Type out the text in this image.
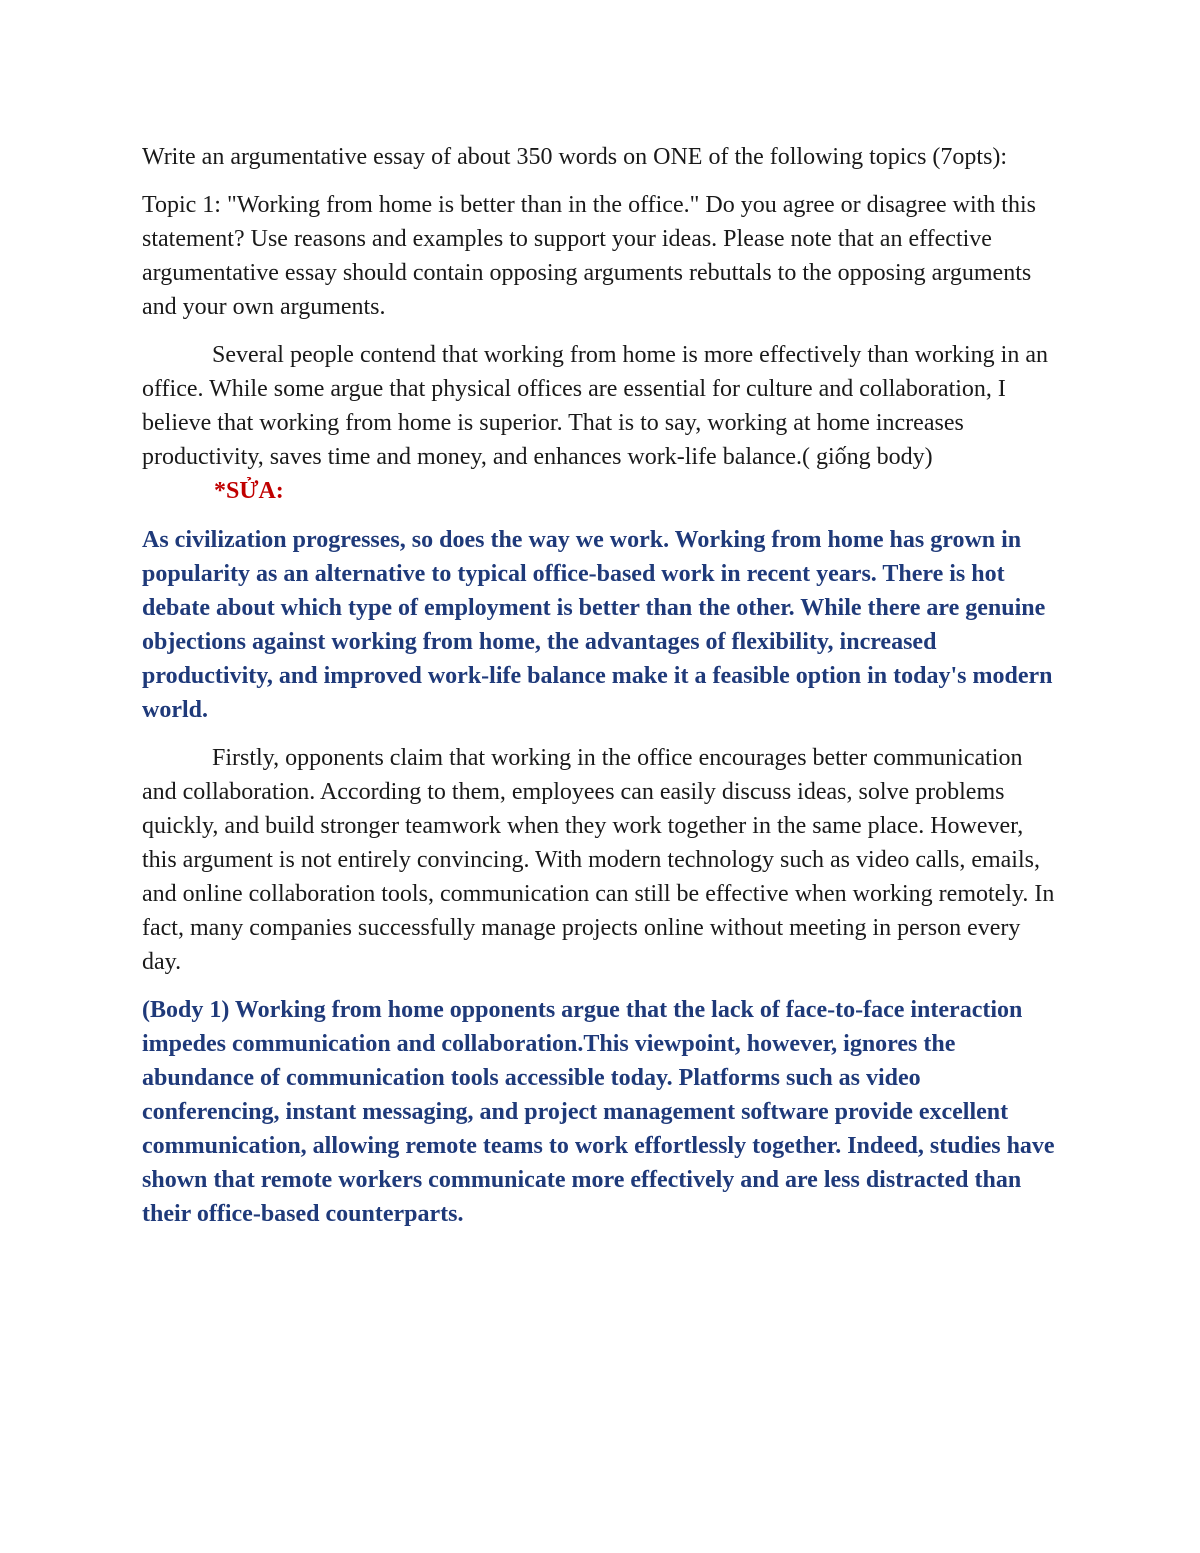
Write an argumentative essay of about 350 words on ONE of the following topics (7opts):

Topic 1: "Working from home is better than in the office." Do you agree or disagree with this statement? Use reasons and examples to support your ideas. Please note that an effective argumentative essay should contain opposing arguments rebuttals to the opposing arguments and your own arguments.

Several people contend that working from home is more effectively than working in an office. While some argue that physical offices are essential for culture and collaboration, I believe that working from home is superior. That is to say, working at home increases productivity, saves time and money, and enhances work-life balance.( giống body)

*SỬA:

As civilization progresses, so does the way we work. Working from home has grown in popularity as an alternative to typical office-based work in recent years. There is hot debate about which type of employment is better than the other. While there are genuine objections against working from home, the advantages of flexibility, increased productivity, and improved work-life balance make it a feasible option in today's modern world.

Firstly, opponents claim that working in the office encourages better communication and collaboration. According to them, employees can easily discuss ideas, solve problems quickly, and build stronger teamwork when they work together in the same place. However, this argument is not entirely convincing. With modern technology such as video calls, emails, and online collaboration tools, communication can still be effective when working remotely. In fact, many companies successfully manage projects online without meeting in person every day.

(Body 1) Working from home opponents argue that the lack of face-to-face interaction impedes communication and collaboration.This viewpoint, however, ignores the abundance of communication tools accessible today. Platforms such as video conferencing, instant messaging, and project management software provide excellent communication, allowing remote teams to work effortlessly together. Indeed, studies have shown that remote workers communicate more effectively and are less distracted than their office-based counterparts.
